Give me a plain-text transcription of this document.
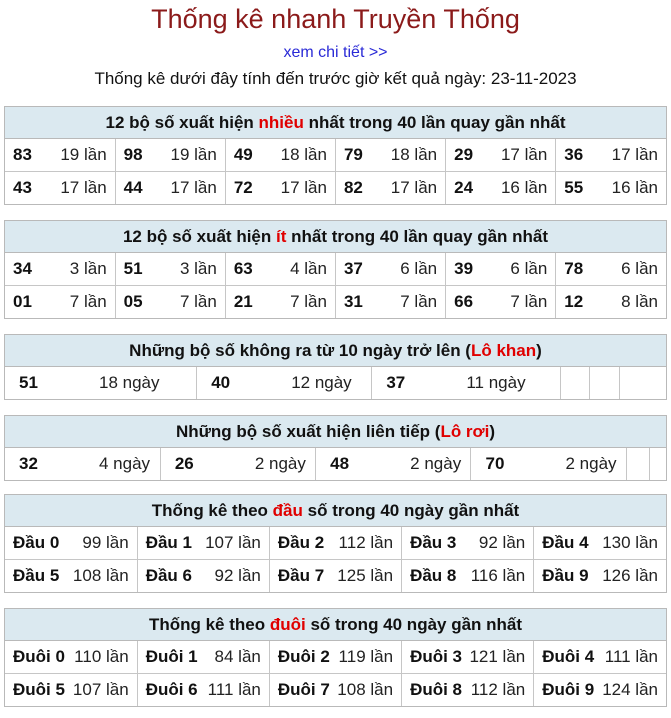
Thống kê nhanh Truyền Thống
xem chi tiết >>
Thống kê dưới đây tính đến trước giờ kết quả ngày: 23-11-2023
12 bộ số xuất hiện nhiều nhất trong 40 lần quay gần nhất
83 19 lần	98 19 lần	49 18 lần	79 18 lần	29 17 lần	36 17 lần

43 17 lần	44 17 lần	72 17 lần	82 17 lần	24 16 lần	55 16 lần
12 bộ số xuất hiện ít nhất trong 40 lần quay gần nhất
34 3 lần	51 3 lần	63 4 lần	37 6 lần	39 6 lần	78 6 lần

01 7 lần	05 7 lần	21 7 lần	31 7 lần	66 7 lần	12 8 lần
Những bộ số không ra từ 10 ngày trở lên (Lô khan)
51	18 ngày	40	12 ngày	37	11 ngày

Những bộ số xuất hiện liên tiếp (Lô rơi)
32	4 ngày	26	2 ngày	48	2 ngày	70	2 ngày

Thống kê theo đầu số trong 40 ngày gần nhất
Đầu 0 99 lần	Đầu 1 107 lần	Đầu 2 112 lần	Đầu 3 92 lần	Đầu 4 130 lần

Đầu 5 108 lần	Đầu 6 92 lần	Đầu 7 125 lần	Đầu 8 116 lần	Đầu 9 126 lần
Thống kê theo đuôi số trong 40 ngày gần nhất
Đuôi 0 110 lần	Đuôi 1 84 lần	Đuôi 2 119 lần	Đuôi 3 121 lần	Đuôi 4 111 lần

Đuôi 5 107 lần	Đuôi 6 111 lần	Đuôi 7 108 lần	Đuôi 8 112 lần	Đuôi 9 124 lần
